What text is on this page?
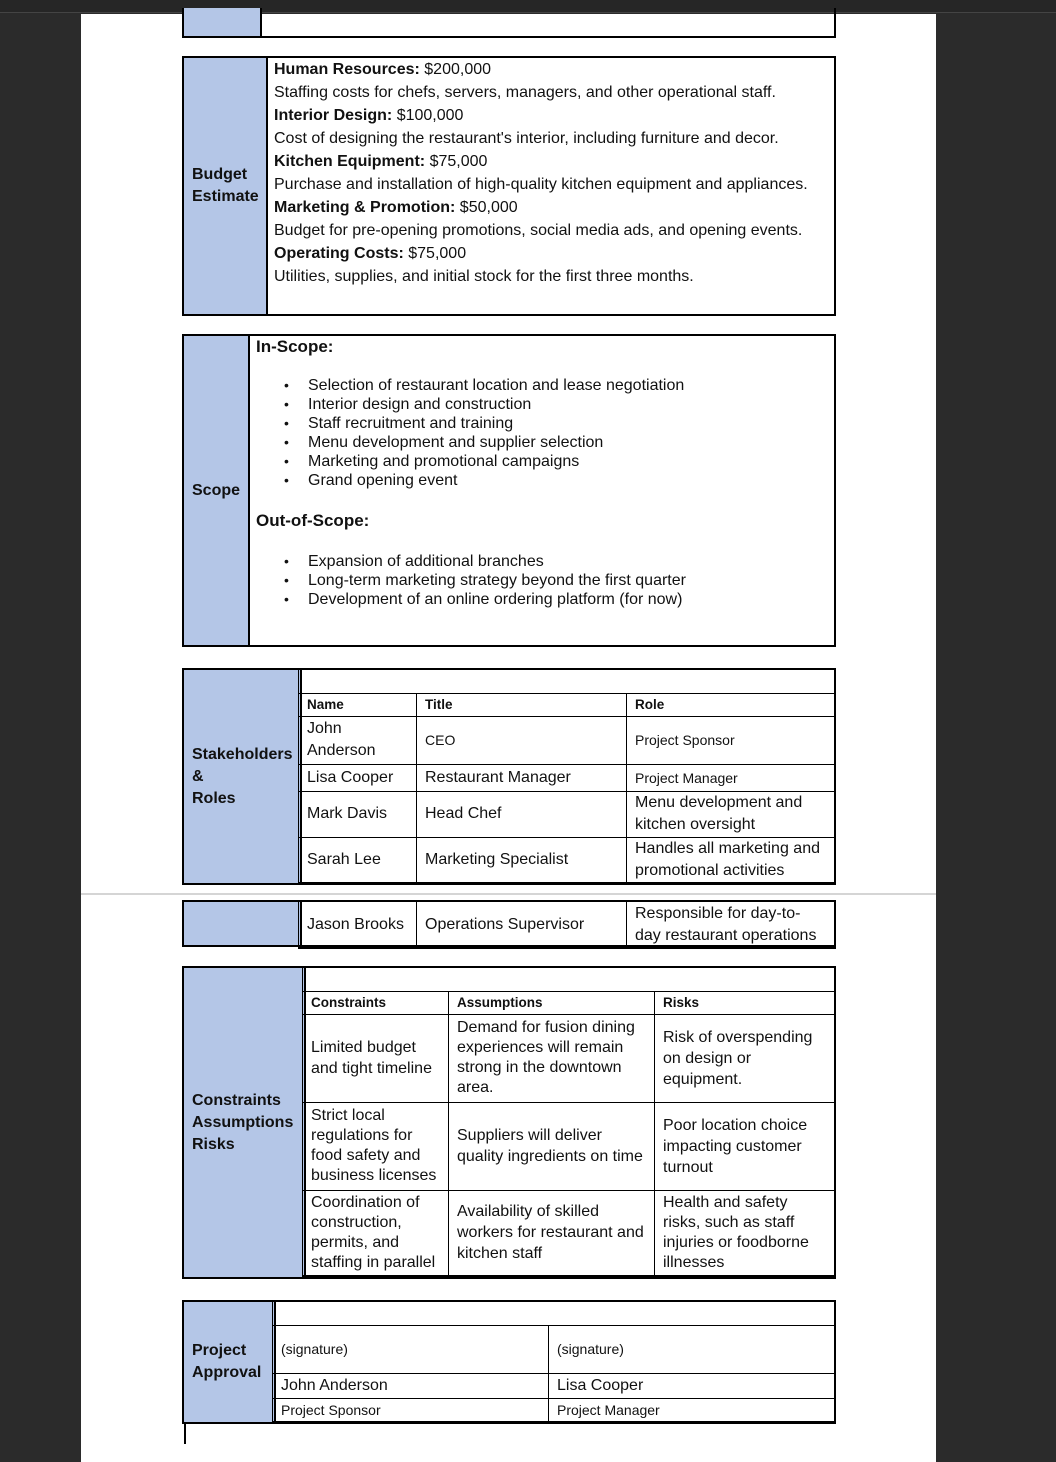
Budget
Estimate
Human Resources: $200,000
Staffing costs for chefs, servers, managers, and other operational staff.
Interior Design: $100,000
Cost of designing the restaurant's interior, including furniture and decor.
Kitchen Equipment: $75,000
Purchase and installation of high-quality kitchen equipment and appliances.
Marketing & Promotion: $50,000
Budget for pre-opening promotions, social media ads, and opening events.
Operating Costs: $75,000
Utilities, supplies, and initial stock for the first three months.
Scope
In-Scope:
• Selection of restaurant location and lease negotiation
• Interior design and construction
• Staff recruitment and training
• Menu development and supplier selection
• Marketing and promotional campaigns
• Grand opening event
Out-of-Scope:
• Expansion of additional branches
• Long-term marketing strategy beyond the first quarter
• Development of an online ordering platform (for now)
Stakeholders
&
Roles

Name	Title	Role
John Anderson	CEO	Project Sponsor
Lisa Cooper	Restaurant Manager	Project Manager
Mark Davis	Head Chef	Menu development and kitchen oversight
Sarah Lee	Marketing Specialist	Handles all marketing and promotional activities
Jason Brooks	Operations Supervisor	Responsible for day-to-day restaurant operations
Constraints
Assumptions
Risks

Constraints	Assumptions	Risks
Limited budget and tight timeline	Demand for fusion dining experiences will remain strong in the downtown area.	Risk of overspending on design or equipment.
Strict local regulations for food safety and business licenses	Suppliers will deliver quality ingredients on time	Poor location choice impacting customer turnout
Coordination of construction, permits, and staffing in parallel	Availability of skilled workers for restaurant and kitchen staff	Health and safety risks, such as staff injuries or foodborne illnesses
Project
Approval

(signature)	(signature)
John Anderson	Lisa Cooper
Project Sponsor	Project Manager
